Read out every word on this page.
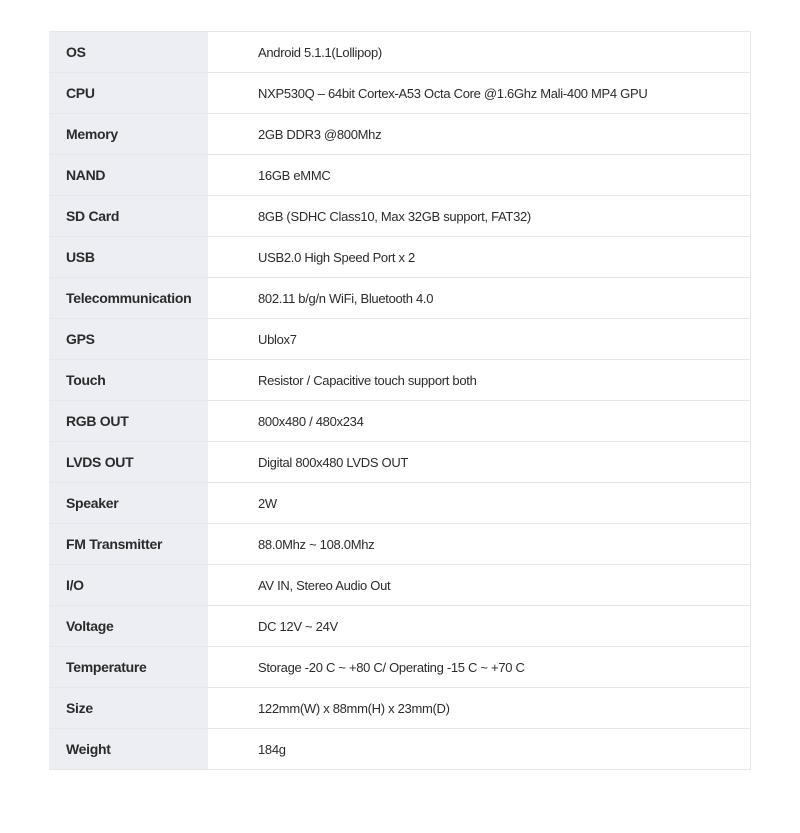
OS	Android 5.1.1(Lollipop)
CPU	NXP530Q – 64bit Cortex-A53 Octa Core @1.6Ghz Mali-400 MP4 GPU
Memory	2GB DDR3 @800Mhz
NAND	16GB eMMC
SD Card	8GB (SDHC Class10, Max 32GB support, FAT32)
USB	USB2.0 High Speed Port x 2
Telecommunication	802.11 b/g/n WiFi, Bluetooth 4.0
GPS	Ublox7
Touch	Resistor / Capacitive touch support both
RGB OUT	800x480 / 480x234
LVDS OUT	Digital 800x480 LVDS OUT
Speaker	2W
FM Transmitter	88.0Mhz ~ 108.0Mhz
I/O	AV IN, Stereo Audio Out
Voltage	DC 12V ~ 24V
Temperature	Storage -20 C ~ +80 C/ Operating -15 C ~ +70 C
Size	122mm(W) x 88mm(H) x 23mm(D)
Weight	184g
